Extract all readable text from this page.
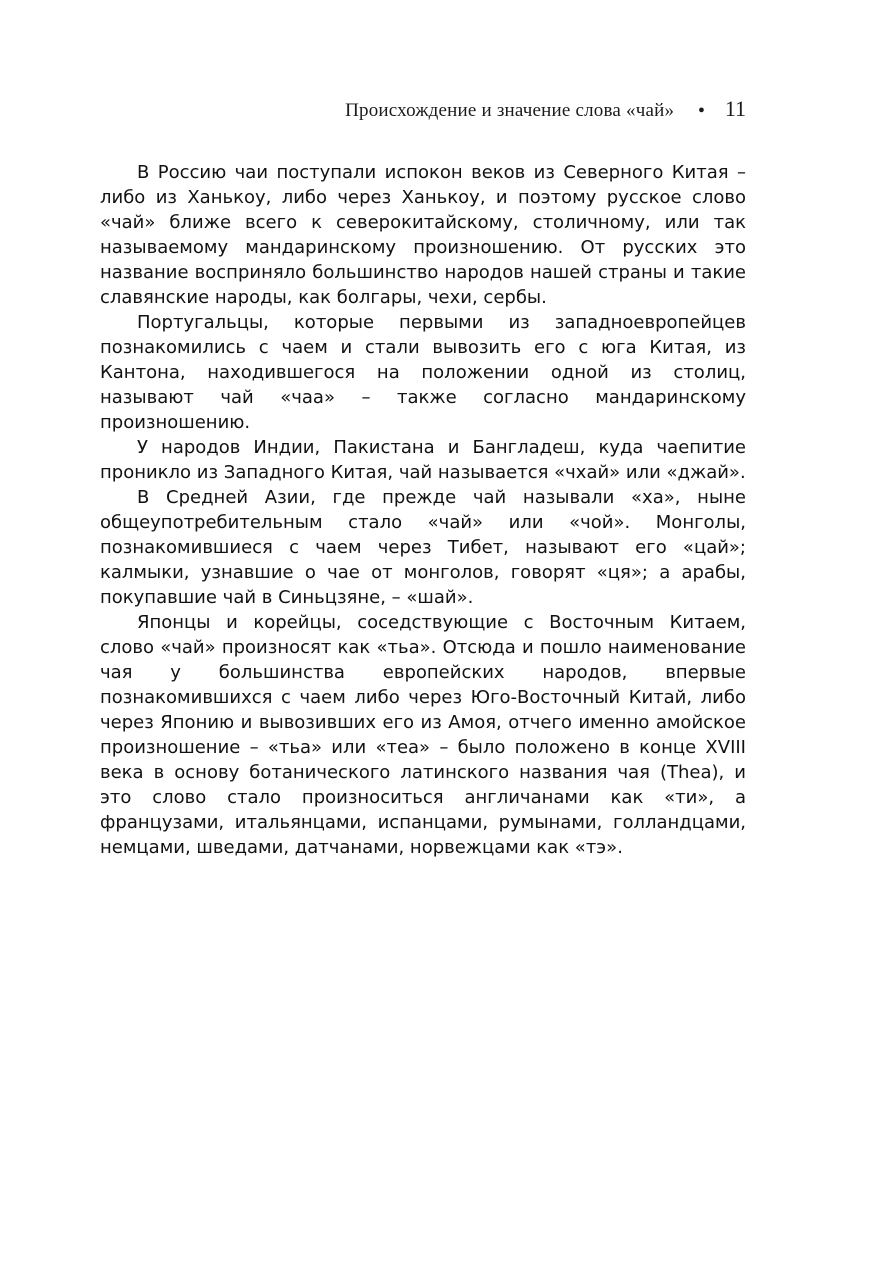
Происхождение и значение слова «чай» ● 11

В Россию чаи поступали испокон веков из Северного Китая – либо из Ханькоу, либо через Ханькоу, и поэтому русское слово «чай» ближе всего к северокитайскому, столичному, или так называемому мандаринскому произношению. От русских это название восприняло большинство народов нашей страны и такие славянские народы, как болгары, чехи, сербы.

Португальцы, которые первыми из западноевропейцев познакомились с чаем и стали вывозить его с юга Китая, из Кантона, находившегося на положении одной из столиц, называют чай «чаа» – также согласно мандаринскому произношению.

У народов Индии, Пакистана и Бангладеш, куда чаепитие проникло из Западного Китая, чай называется «чхай» или «джай».

В Средней Азии, где прежде чай называли «ха», ныне общеупотребительным стало «чай» или «чой». Монголы, познакомившиеся с чаем через Тибет, называют его «цай»; калмыки, узнавшие о чае от монголов, говорят «ця»; а арабы, покупавшие чай в Синьцзяне, – «шай».

Японцы и корейцы, соседствующие с Восточным Китаем, слово «чай» произносят как «тьа». Отсюда и пошло наименование чая у большинства европейских народов, впервые познакомившихся с чаем либо через Юго-Восточный Китай, либо через Японию и вывозивших его из Амоя, отчего именно амойское произношение – «тьа» или «теа» – было положено в конце XVIII века в основу ботанического латинского названия чая (Thea), и это слово стало произноситься англичанами как «ти», а французами, итальянцами, испанцами, румынами, голландцами, немцами, шведами, датчанами, норвежцами как «тэ».
